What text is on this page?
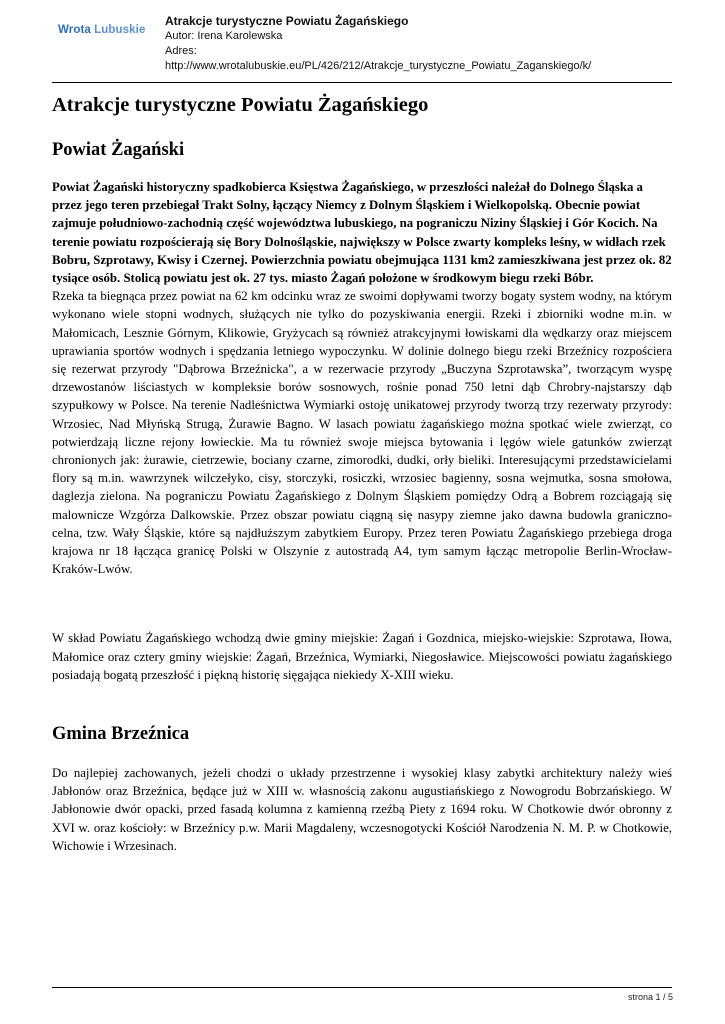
Wrota Lubuskie
Atrakcje turystyczne Powiatu Żagańskiego
Autor: Irena Karolewska
Adres:
http://www.wrotalubuskie.eu/PL/426/212/Atrakcje_turystyczne_Powiatu_Zaganskiego/k/
Atrakcje turystyczne Powiatu Żagańskiego
Powiat Żagański

Powiat Żagański historyczny spadkobierca Księstwa Żagańskiego, w przeszłości należał do Dolnego Śląska a przez jego teren przebiegał Trakt Solny, łączący Niemcy z Dolnym Śląskiem i Wielkopolską. Obecnie powiat zajmuje południowo-zachodnią część województwa lubuskiego, na pograniczu Niziny Śląskiej i Gór Kocich. Na terenie powiatu rozpościerają się Bory Dolnośląskie, największy w Polsce zwarty kompleks leśny, w widłach rzek Bobru, Szprotawy, Kwisy i Czernej. Powierzchnia powiatu obejmująca 1131 km2 zamieszkiwana jest przez ok. 82 tysiące osób. Stolicą powiatu jest ok. 27 tys. miasto Żagań położone w środkowym biegu rzeki Bóbr.

Rzeka ta biegnąca przez powiat na 62 km odcinku wraz ze swoimi dopływami tworzy bogaty system wodny, na którym wykonano wiele stopni wodnych, służących nie tylko do pozyskiwania energii. Rzeki i zbiorniki wodne m.in. w Małomicach, Lesznie Górnym, Klikowie, Gryżycach są również atrakcyjnymi łowiskami dla wędkarzy oraz miejscem uprawiania sportów wodnych i spędzania letniego wypoczynku. W dolinie dolnego biegu rzeki Brzeźnicy rozpościera się rezerwat przyrody "Dąbrowa Brzeźnicka", a w rezerwacie przyrody „Buczyna Szprotawska”, tworzącym wyspę drzewostanów liściastych w kompleksie borów sosnowych, rośnie ponad 750 letni dąb Chrobry-najstarszy dąb szypułkowy w Polsce. Na terenie Nadleśnictwa Wymiarki ostoję unikatowej przyrody tworzą trzy rezerwaty przyrody: Wrzosiec, Nad Młyńską Strugą, Żurawie Bagno. W lasach powiatu żagańskiego można spotkać wiele zwierząt, co potwierdzają liczne rejony łowieckie. Ma tu również swoje miejsca bytowania i lęgów wiele gatunków zwierząt chronionych jak: żurawie, cietrzewie, bociany czarne, zimorodki, dudki, orły bieliki. Interesującymi przedstawicielami flory są m.in. wawrzynek wilczełyko, cisy, storczyki, rosiczki, wrzosiec bagienny, sosna wejmutka, sosna smołowa, daglezja zielona. Na pograniczu Powiatu Żagańskiego z Dolnym Śląskiem pomiędzy Odrą a Bobrem rozciągają się malownicze Wzgórza Dalkowskie. Przez obszar powiatu ciągną się nasypy ziemne jako dawna budowla graniczno-celna, tzw. Wały Śląskie, które są najdłuższym zabytkiem Europy. Przez teren Powiatu Żagańskiego przebiega droga krajowa nr 18 łącząca granicę Polski w Olszynie z autostradą A4, tym samym łącząc metropolie Berlin-Wrocław-Kraków-Lwów.

W skład Powiatu Żagańskiego wchodzą dwie gminy miejskie: Żagań i Gozdnica, miejsko-wiejskie: Szprotawa, Iłowa, Małomice oraz cztery gminy wiejskie: Żagań, Brzeźnica, Wymiarki, Niegosławice. Miejscowości powiatu żagańskiego posiadają bogatą przeszłość i piękną historię sięgająca niekiedy X-XIII wieku.

Gmina Brzeźnica

Do najlepiej zachowanych, jeżeli chodzi o układy przestrzenne i wysokiej klasy zabytki architektury należy wieś Jabłonów oraz Brzeźnica, będące już w XIII w. własnością zakonu augustiańskiego z Nowogrodu Bobrzańskiego. W Jabłonowie dwór opacki, przed fasadą kolumna z kamienną rzeźbą Piety z 1694 roku. W Chotkowie dwór obronny z XVI w. oraz kościoły: w Brzeźnicy p.w. Marii Magdaleny, wczesnogotycki Kościół Narodzenia N. M. P. w Chotkowie, Wichowie i Wrzesinach.

strona 1 / 5
